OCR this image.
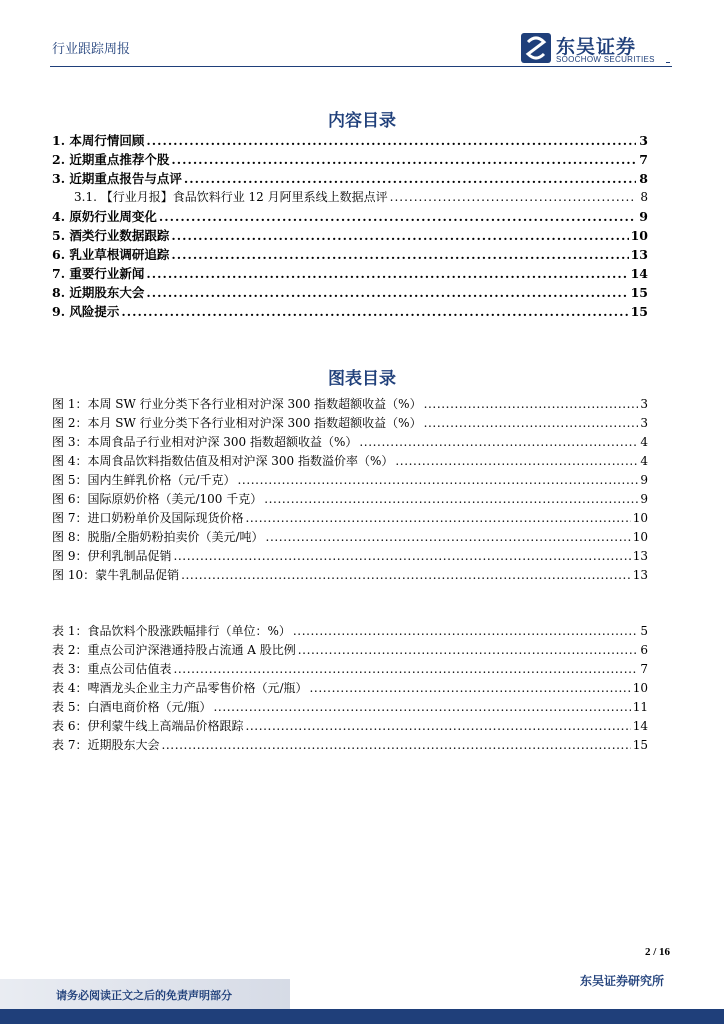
行业跟踪周报	东吴证券
SOOCHOW SECURITIES
内容目录
1. 本周行情回顾 .....	3
2. 近期重点推荐个股 .....	7
3. 近期重点报告与点评 .....	8
3.1. 【行业月报】食品饮料行业 12 月阿里系线上数据点评 .....	8
4. 原奶行业周变化 .....	9
5. 酒类行业数据跟踪 .....	10
6. 乳业草根调研追踪 .....	13
7. 重要行业新闻 .....	14
8. 近期股东大会 .....	15
9. 风险提示 .....	15
图表目录
图 1：本周 SW 行业分类下各行业相对沪深 300 指数超额收益（%） .....	3
图 2：本月 SW 行业分类下各行业相对沪深 300 指数超额收益（%） .....	3
图 3：本周食品子行业相对沪深 300 指数超额收益（%） .....	4
图 4：本周食品饮料指数估值及相对沪深 300 指数溢价率（%） .....	4
图 5：国内生鲜乳价格（元/千克） .....	9
图 6：国际原奶价格（美元/100 千克） .....	9
图 7：进口奶粉单价及国际现货价格 .....	10
图 8：脱脂/全脂奶粉拍卖价（美元/吨） .....	10
图 9：伊利乳制品促销 .....	13
图 10：蒙牛乳制品促销 .....	13
表 1：食品饮料个股涨跌幅排行（单位：%） .....	5
表 2：重点公司沪深港通持股占流通 A 股比例 .....	6
表 3：重点公司估值表 .....	7
表 4：啤酒龙头企业主力产品零售价格（元/瓶） .....	10
表 5：白酒电商价格（元/瓶） .....	11
表 6：伊利蒙牛线上高端品价格跟踪 .....	14
表 7：近期股东大会 .....	15
2 / 16
东吴证券研究所
请务必阅读正文之后的免责声明部分
